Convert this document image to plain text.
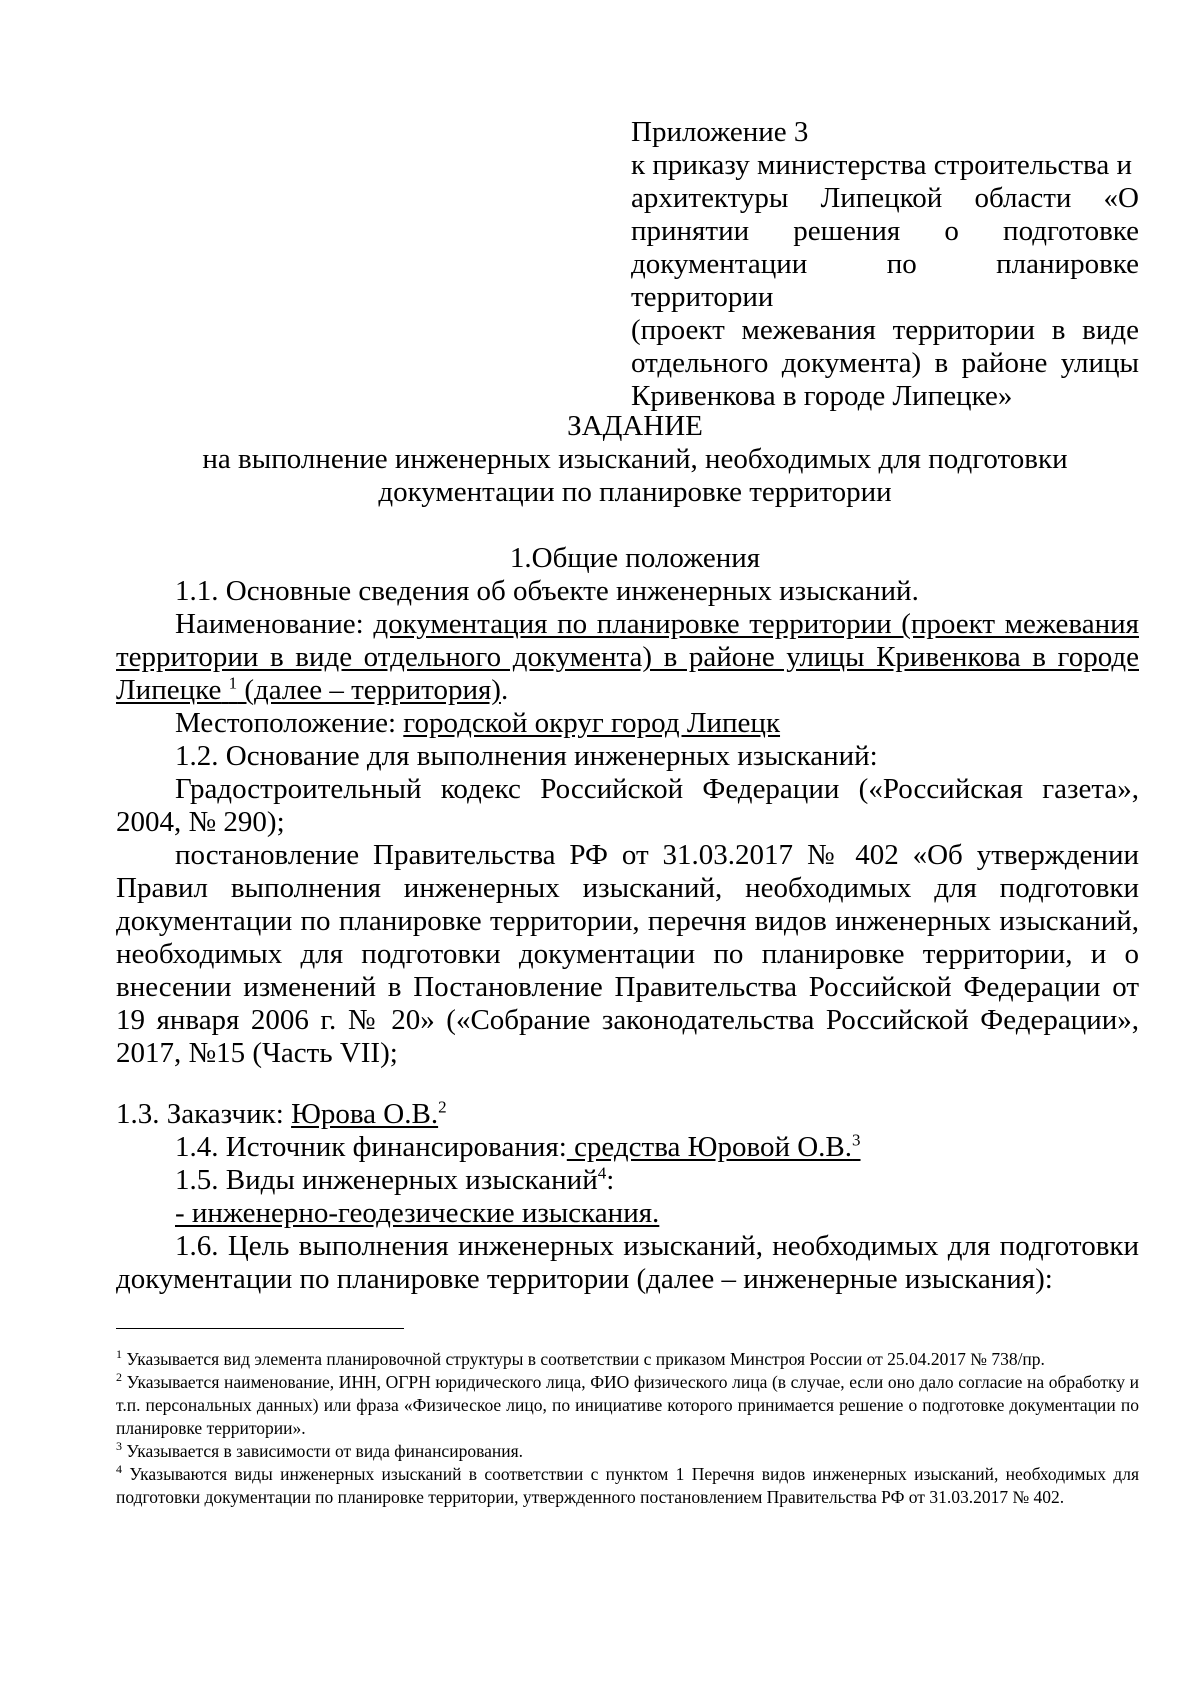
Приложение 3
к приказу министерства строительства и
архитектуры Липецкой области «О
принятии решения о подготовке
документации по планировке территории
(проект межевания территории в виде
отдельного документа) в районе улицы
Кривенкова в городе Липецке»
ЗАДАНИЕ
на выполнение инженерных изысканий, необходимых для подготовки
документации по планировке территории
1.Общие положения

1.1. Основные сведения об объекте инженерных изысканий.

Наименование: документация по планировке территории (проект межевания территории в виде отдельного документа) в районе улицы Кривенкова в городе Липецке $^1$ (далее – территория).

Местоположение: городской округ город Липецк

1.2. Основание для выполнения инженерных изысканий:

Градостроительный кодекс Российской Федерации («Российская газета», 2004, № 290);

постановление Правительства РФ от 31.03.2017 № 402 «Об утверждении Правил выполнения инженерных изысканий, необходимых для подготовки документации по планировке территории, перечня видов инженерных изысканий, необходимых для подготовки документации по планировке территории, и о внесении изменений в Постановление Правительства Российской Федерации от 19 января 2006 г. № 20» («Собрание законодательства Российской Федерации», 2017, №15 (Часть VII);

1.3. Заказчик: Юрова О.В.$^2$

1.4. Источник финансирования: средства Юровой О.В.$^3$

1.5. Виды инженерных изысканий$^4$:

- инженерно-геодезические изыскания.

1.6. Цель выполнения инженерных изысканий, необходимых для подготовки документации по планировке территории (далее – инженерные изыскания):

$^1$ Указывается вид элемента планировочной структуры в соответствии с приказом Минстроя России от 25.04.2017 № 738/пр.

$^2$ Указывается наименование, ИНН, ОГРН юридического лица, ФИО физического лица (в случае, если оно дало согласие на обработку и т.п. персональных данных) или фраза «Физическое лицо, по инициативе которого принимается решение о подготовке документации по планировке территории».

$^3$ Указывается в зависимости от вида финансирования.

$^4$ Указываются виды инженерных изысканий в соответствии с пунктом 1 Перечня видов инженерных изысканий, необходимых для подготовки документации по планировке территории, утвержденного постановлением Правительства РФ от 31.03.2017 № 402.
